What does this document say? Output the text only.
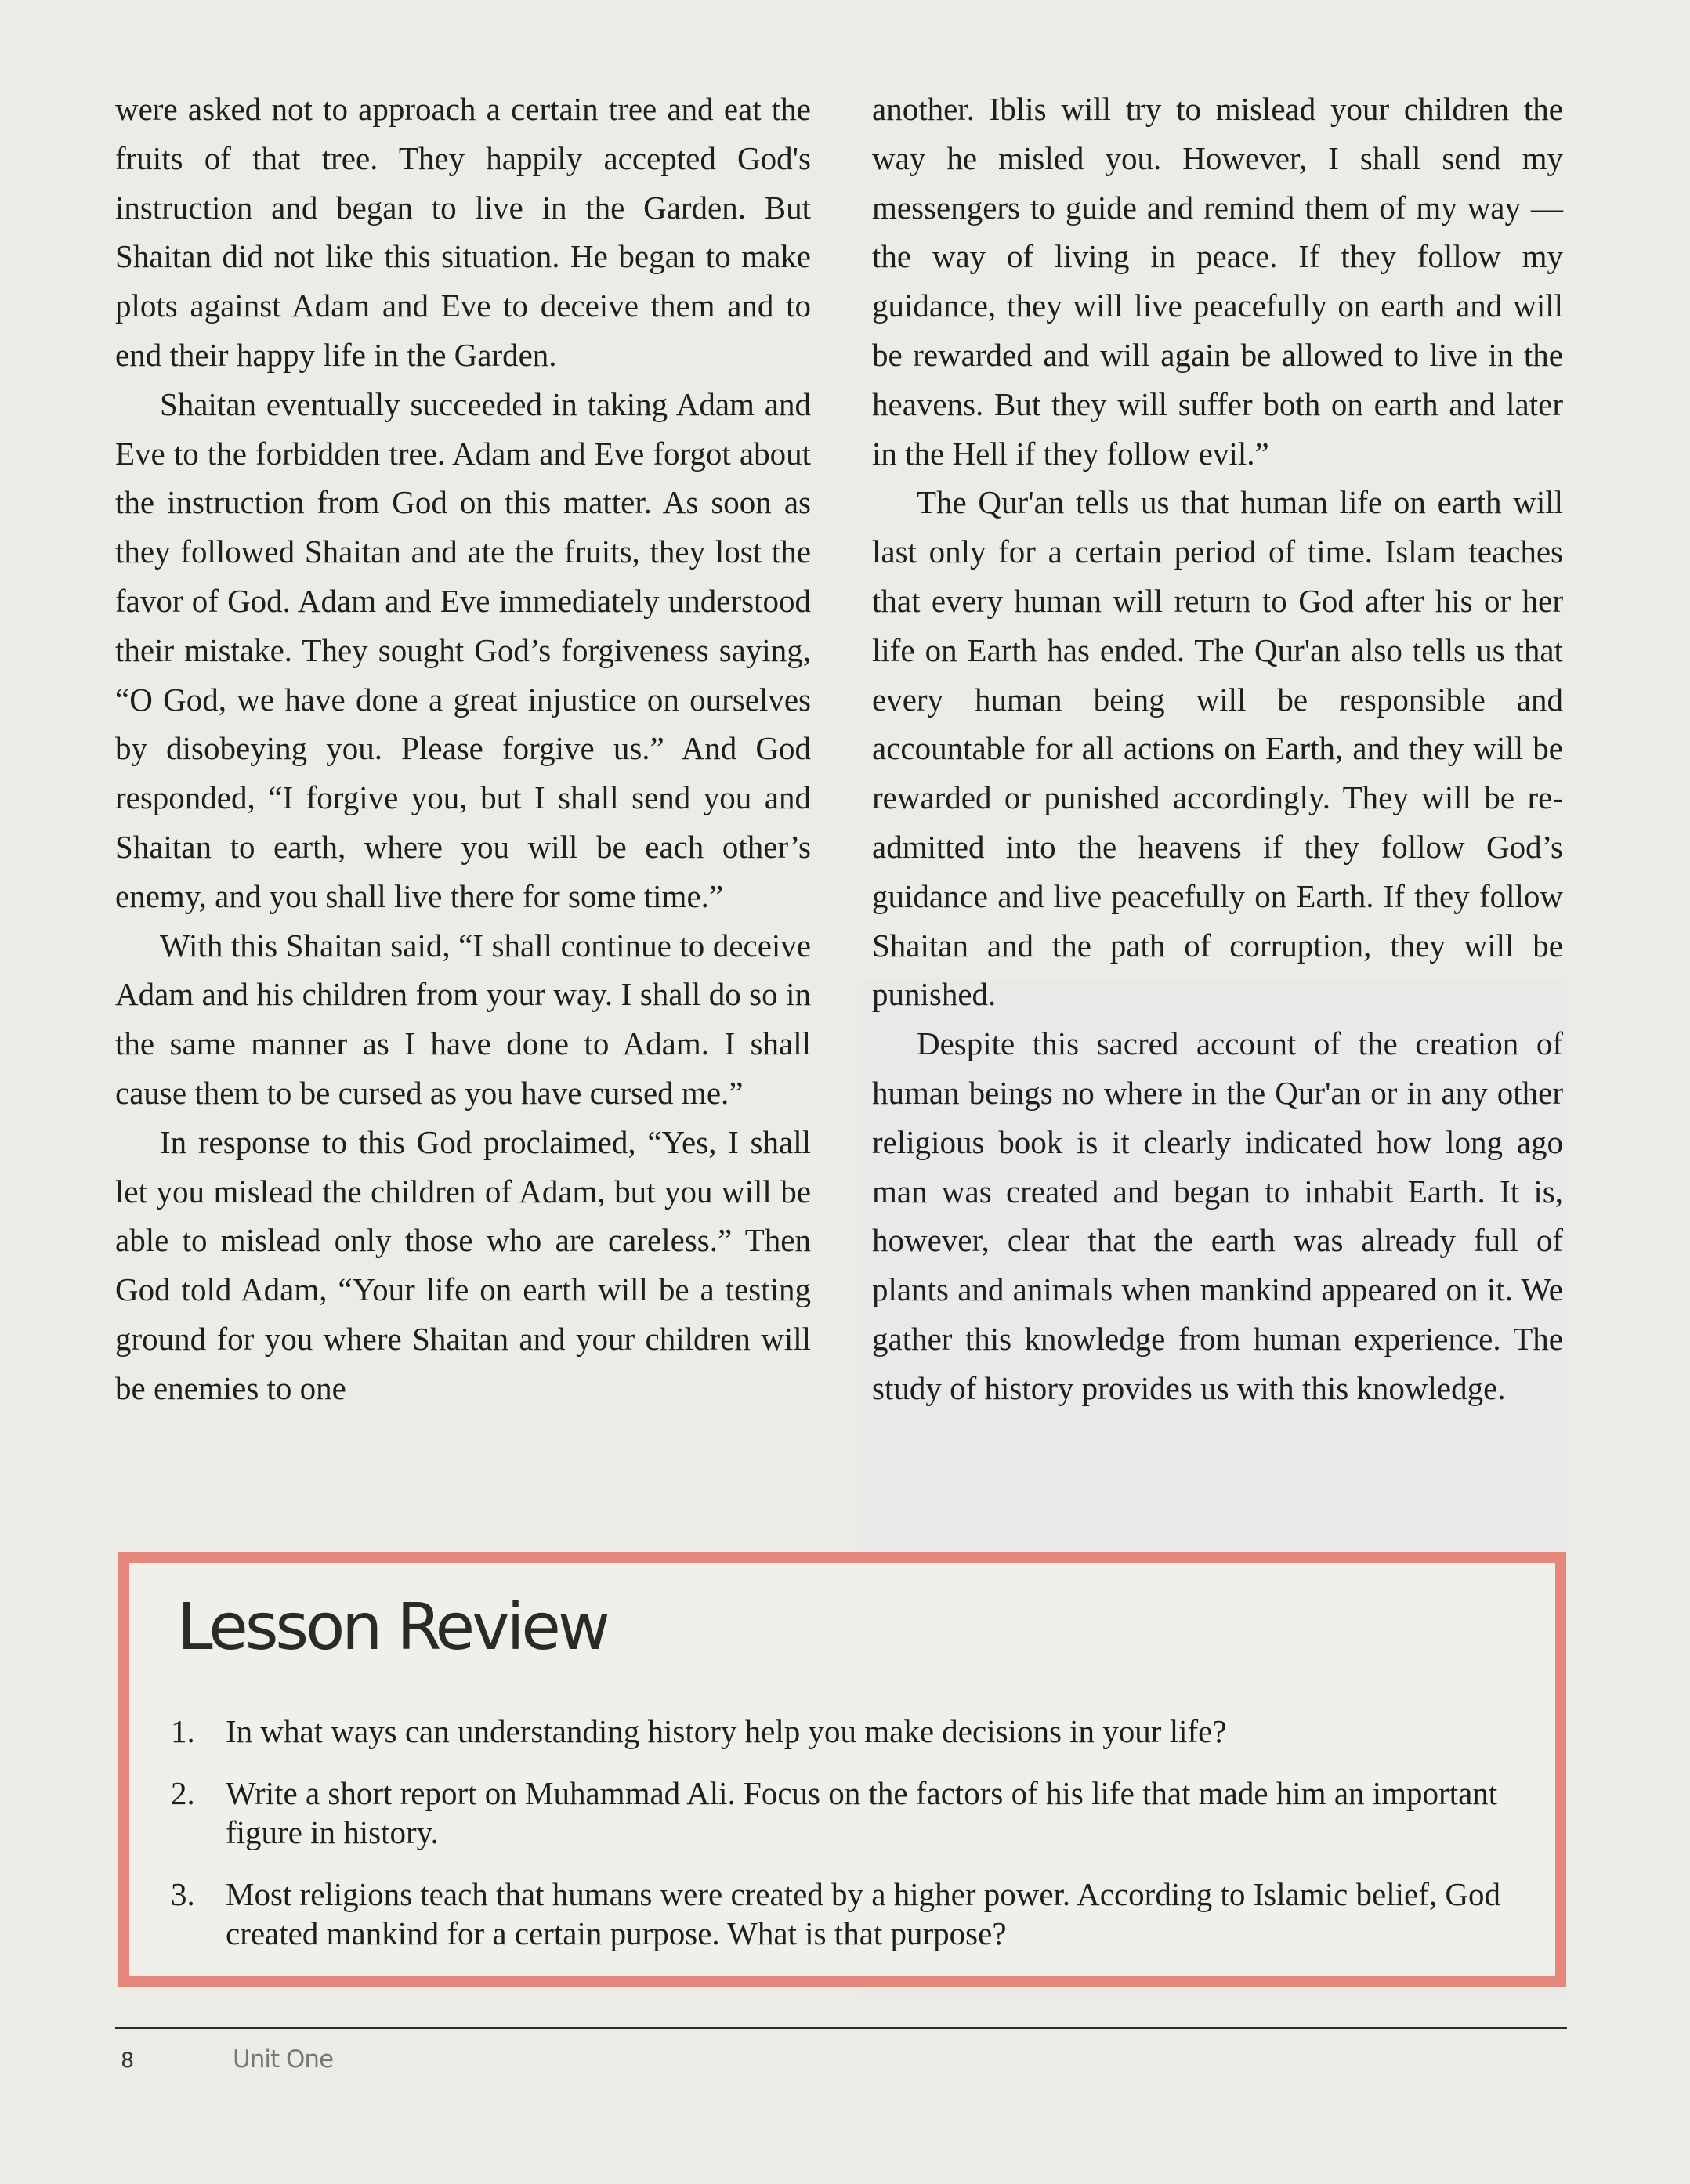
were asked not to approach a certain tree and eat the fruits of that tree. They happily accepted God's instruction and began to live in the Garden. But Shaitan did not like this situation. He began to make plots against Adam and Eve to deceive them and to end their happy life in the Garden.

Shaitan eventually succeeded in taking Adam and Eve to the forbidden tree. Adam and Eve forgot about the instruction from God on this matter. As soon as they followed Shaitan and ate the fruits, they lost the favor of God. Adam and Eve immediately understood their mistake. They sought God’s forgiveness saying, “O God, we have done a great injustice on ourselves by disobeying you. Please forgive us.” And God responded, “I forgive you, but I shall send you and Shaitan to earth, where you will be each other’s enemy, and you shall live there for some time.”

With this Shaitan said, “I shall continue to deceive Adam and his children from your way. I shall do so in the same manner as I have done to Adam. I shall cause them to be cursed as you have cursed me.”

In response to this God proclaimed, “Yes, I shall let you mislead the children of Adam, but you will be able to mislead only those who are careless.” Then God told Adam, “Your life on earth will be a testing ground for you where Shaitan and your children will be enemies to one

another. Iblis will try to mislead your children the way he misled you. However, I shall send my messengers to guide and remind them of my way — the way of living in peace. If they follow my guidance, they will live peacefully on earth and will be rewarded and will again be allowed to live in the heavens. But they will suffer both on earth and later in the Hell if they follow evil.”

The Qur'an tells us that human life on earth will last only for a certain period of time. Islam teaches that every human will return to God after his or her life on Earth has ended. The Qur'an also tells us that every human being will be responsible and accountable for all actions on Earth, and they will be rewarded or punished accordingly. They will be re-admitted into the heavens if they follow God’s guidance and live peacefully on Earth. If they follow Shaitan and the path of corruption, they will be punished.

Despite this sacred account of the creation of human beings no where in the Qur'an or in any other religious book is it clearly indicated how long ago man was created and began to inhabit Earth. It is, however, clear that the earth was already full of plants and animals when mankind appeared on it. We gather this knowledge from human experience. The study of history provides us with this knowledge.

Lesson Review
1. In what ways can understanding history help you make decisions in your life?
2. Write a short report on Muhammad Ali. Focus on the factors of his life that made him an important figure in history.
3. Most religions teach that humans were created by a higher power. According to Islamic belief, God created mankind for a certain purpose. What is that purpose?
8	Unit One
